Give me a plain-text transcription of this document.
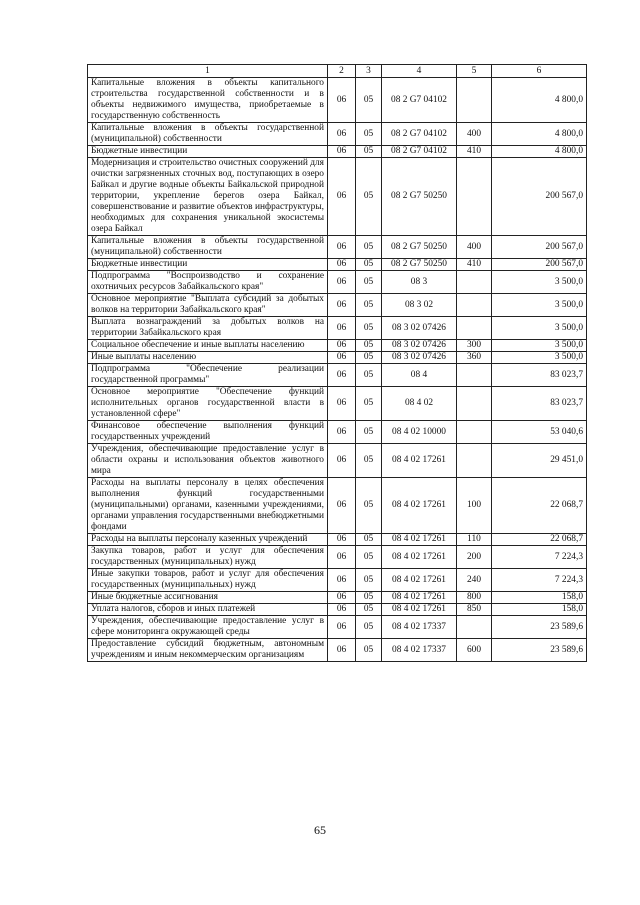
1	2	3	4	5	6
Капитальные вложения в объекты капитального строительства государственной собственности и в объекты недвижимого имущества, приобретаемые в государственную собственность	06	05	08 2 G7 04102		4 800,0
Капитальные вложения в объекты государственной (муниципальной) собственности	06	05	08 2 G7 04102	400	4 800,0
Бюджетные инвестиции	06	05	08 2 G7 04102	410	4 800,0
Модернизация и строительство очистных сооружений для очистки загрязненных сточных вод, поступающих в озеро Байкал и другие водные объекты Байкальской природной территории, укрепление берегов озера Байкал, совершенствование и развитие объектов инфраструктуры, необходимых для сохранения уникальной экосистемы озера Байкал	06	05	08 2 G7 50250		200 567,0
Капитальные вложения в объекты государственной (муниципальной) собственности	06	05	08 2 G7 50250	400	200 567,0
Бюджетные инвестиции	06	05	08 2 G7 50250	410	200 567,0
Подпрограмма "Воспроизводство и сохранение охотничьих ресурсов Забайкальского края"	06	05	08 3		3 500,0
Основное мероприятие "Выплата субсидий за добытых волков на территории Забайкальского края"	06	05	08 3 02		3 500,0
Выплата вознаграждений за добытых волков на территории Забайкальского края	06	05	08 3 02 07426		3 500,0
Социальное обеспечение и иные выплаты населению	06	05	08 3 02 07426	300	3 500,0
Иные выплаты населению	06	05	08 3 02 07426	360	3 500,0
Подпрограмма "Обеспечение реализации государственной программы"	06	05	08 4		83 023,7
Основное мероприятие "Обеспечение функций исполнительных органов государственной власти в установленной сфере"	06	05	08 4 02		83 023,7
Финансовое обеспечение выполнения функций государственных учреждений	06	05	08 4 02 10000		53 040,6
Учреждения, обеспечивающие предоставление услуг в области охраны и использования объектов животного мира	06	05	08 4 02 17261		29 451,0
Расходы на выплаты персоналу в целях обеспечения выполнения функций государственными (муниципальными) органами, казенными учреждениями, органами управления государственными внебюджетными фондами	06	05	08 4 02 17261	100	22 068,7
Расходы на выплаты персоналу казенных учреждений	06	05	08 4 02 17261	110	22 068,7
Закупка товаров, работ и услуг для обеспечения государственных (муниципальных) нужд	06	05	08 4 02 17261	200	7 224,3
Иные закупки товаров, работ и услуг для обеспечения государственных (муниципальных) нужд	06	05	08 4 02 17261	240	7 224,3
Иные бюджетные ассигнования	06	05	08 4 02 17261	800	158,0
Уплата налогов, сборов и иных платежей	06	05	08 4 02 17261	850	158,0
Учреждения, обеспечивающие предоставление услуг в сфере мониторинга окружающей среды	06	05	08 4 02 17337		23 589,6
Предоставление субсидий бюджетным, автономным учреждениям и иным некоммерческим организациям	06	05	08 4 02 17337	600	23 589,6
65
